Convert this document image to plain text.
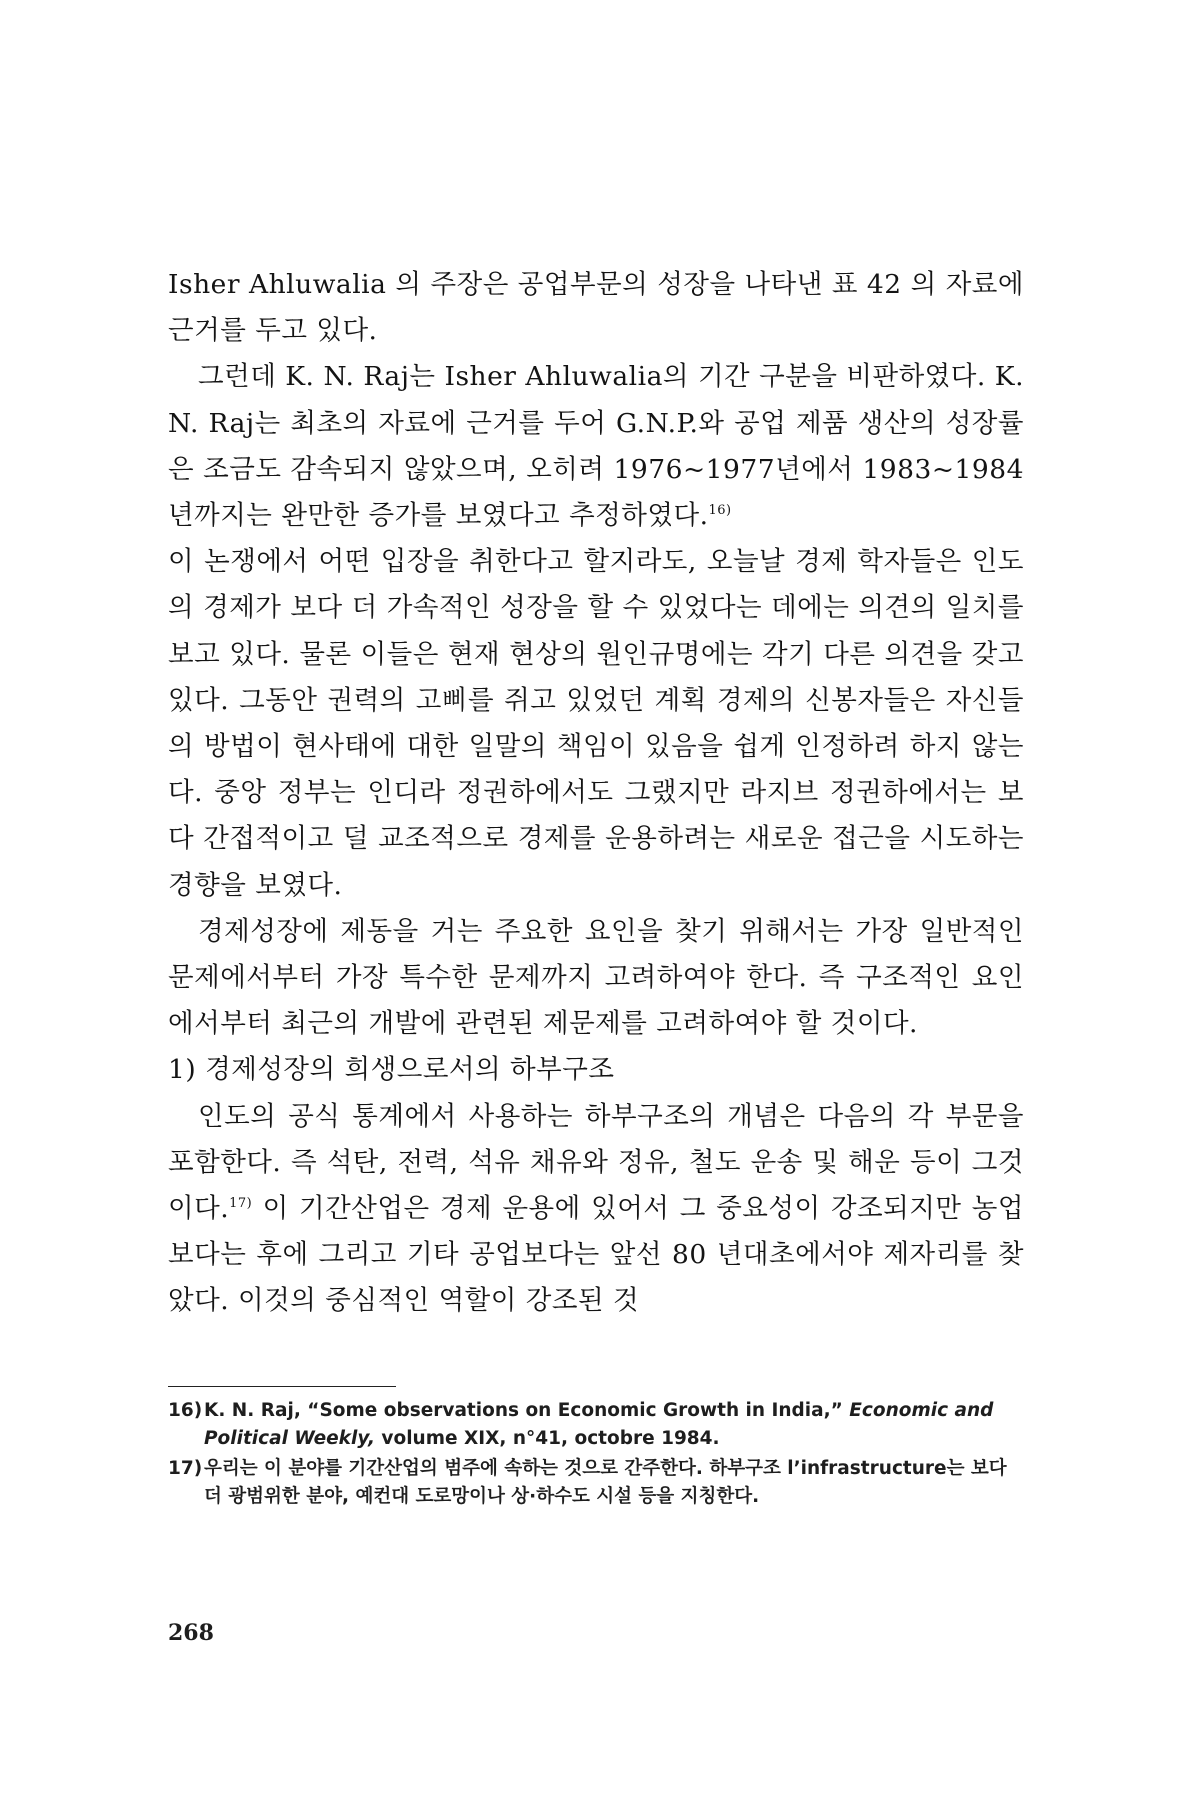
Isher Ahluwalia 의 주장은 공업부문의 성장을 나타낸 표 42 의 자료에 근거를 두고 있다.

그런데 K. N. Raj는 Isher Ahluwalia의 기간 구분을 비판하였다. K. N. Raj는 최초의 자료에 근거를 두어 G.N.P.와 공업 제품 생산의 성장률은 조금도 감속되지 않았으며, 오히려 1976~1977년에서 1983~1984년까지는 완만한 증가를 보였다고 추정하였다.$^{16)}$

이 논쟁에서 어떤 입장을 취한다고 할지라도, 오늘날 경제 학자들은 인도의 경제가 보다 더 가속적인 성장을 할 수 있었다는 데에는 의견의 일치를 보고 있다. 물론 이들은 현재 현상의 원인규명에는 각기 다른 의견을 갖고 있다. 그동안 권력의 고삐를 쥐고 있었던 계획 경제의 신봉자들은 자신들의 방법이 현사태에 대한 일말의 책임이 있음을 쉽게 인정하려 하지 않는다. 중앙 정부는 인디라 정권하에서도 그랬지만 라지브 정권하에서는 보다 간접적이고 덜 교조적으로 경제를 운용하려는 새로운 접근을 시도하는 경향을 보였다.

경제성장에 제동을 거는 주요한 요인을 찾기 위해서는 가장 일반적인 문제에서부터 가장 특수한 문제까지 고려하여야 한다. 즉 구조적인 요인에서부터 최근의 개발에 관련된 제문제를 고려하여야 할 것이다.

1) 경제성장의 희생으로서의 하부구조

인도의 공식 통계에서 사용하는 하부구조의 개념은 다음의 각 부문을 포함한다. 즉 석탄, 전력, 석유 채유와 정유, 철도 운송 및 해운 등이 그것이다.$^{17)}$ 이 기간산업은 경제 운용에 있어서 그 중요성이 강조되지만 농업보다는 후에 그리고 기타 공업보다는 앞선 80 년대초에서야 제자리를 찾았다. 이것의 중심적인 역할이 강조된 것

16) K. N. Raj, “Some observations on Economic Growth in India,” Economic and Political Weekly, volume XIX, n°41, octobre 1984.
17) 우리는 이 분야를 기간산업의 범주에 속하는 것으로 간주한다. 하부구조 l’infrastructure는 보다 더 광범위한 분야, 예컨대 도로망이나 상·하수도 시설 등을 지칭한다.
268
